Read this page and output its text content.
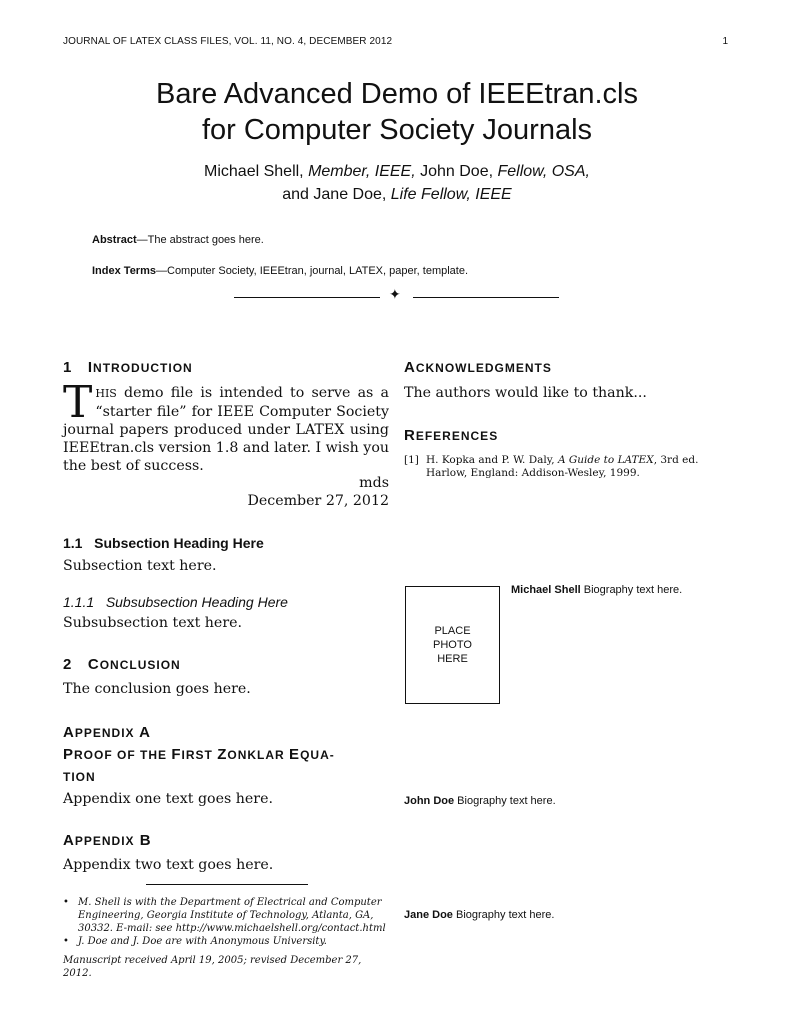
JOURNAL OF LATEX CLASS FILES, VOL. 11, NO. 4, DECEMBER 2012	1
Bare Advanced Demo of IEEEtran.cls
for Computer Society Journals
Michael Shell, Member, IEEE, John Doe, Fellow, OSA,
and Jane Doe, Life Fellow, IEEE
Abstract—The abstract goes here.
Index Terms—Computer Society, IEEEtran, journal, LATEX, paper, template.
✦
1 INTRODUCTION
THIS demo file is intended to serve as a “starter file” for IEEE Computer Society journal papers produced under LATEX using IEEEtran.cls version 1.8 and later. I wish you the best of success.
mds
December 27, 2012
1.1 Subsection Heading Here
Subsection text here.
1.1.1 Subsubsection Heading Here
Subsubsection text here.
2 CONCLUSION
The conclusion goes here.
APPENDIX A
PROOF OF THE FIRST ZONKLAR EQUA-
TION
Appendix one text goes here.
APPENDIX B
Appendix two text goes here.
• M. Shell is with the Department of Electrical and Computer Engineering, Georgia Institute of Technology, Atlanta, GA, 30332. E-mail: see http://www.michaelshell.org/contact.html
• J. Doe and J. Doe are with Anonymous University.
Manuscript received April 19, 2005; revised December 27, 2012.
ACKNOWLEDGMENTS
The authors would like to thank...
REFERENCES
[1] H. Kopka and P. W. Daly, A Guide to LATEX, 3rd ed. Harlow, England: Addison-Wesley, 1999.
PLACE
PHOTO
HERE
Michael Shell Biography text here.
John Doe Biography text here.
Jane Doe Biography text here.
